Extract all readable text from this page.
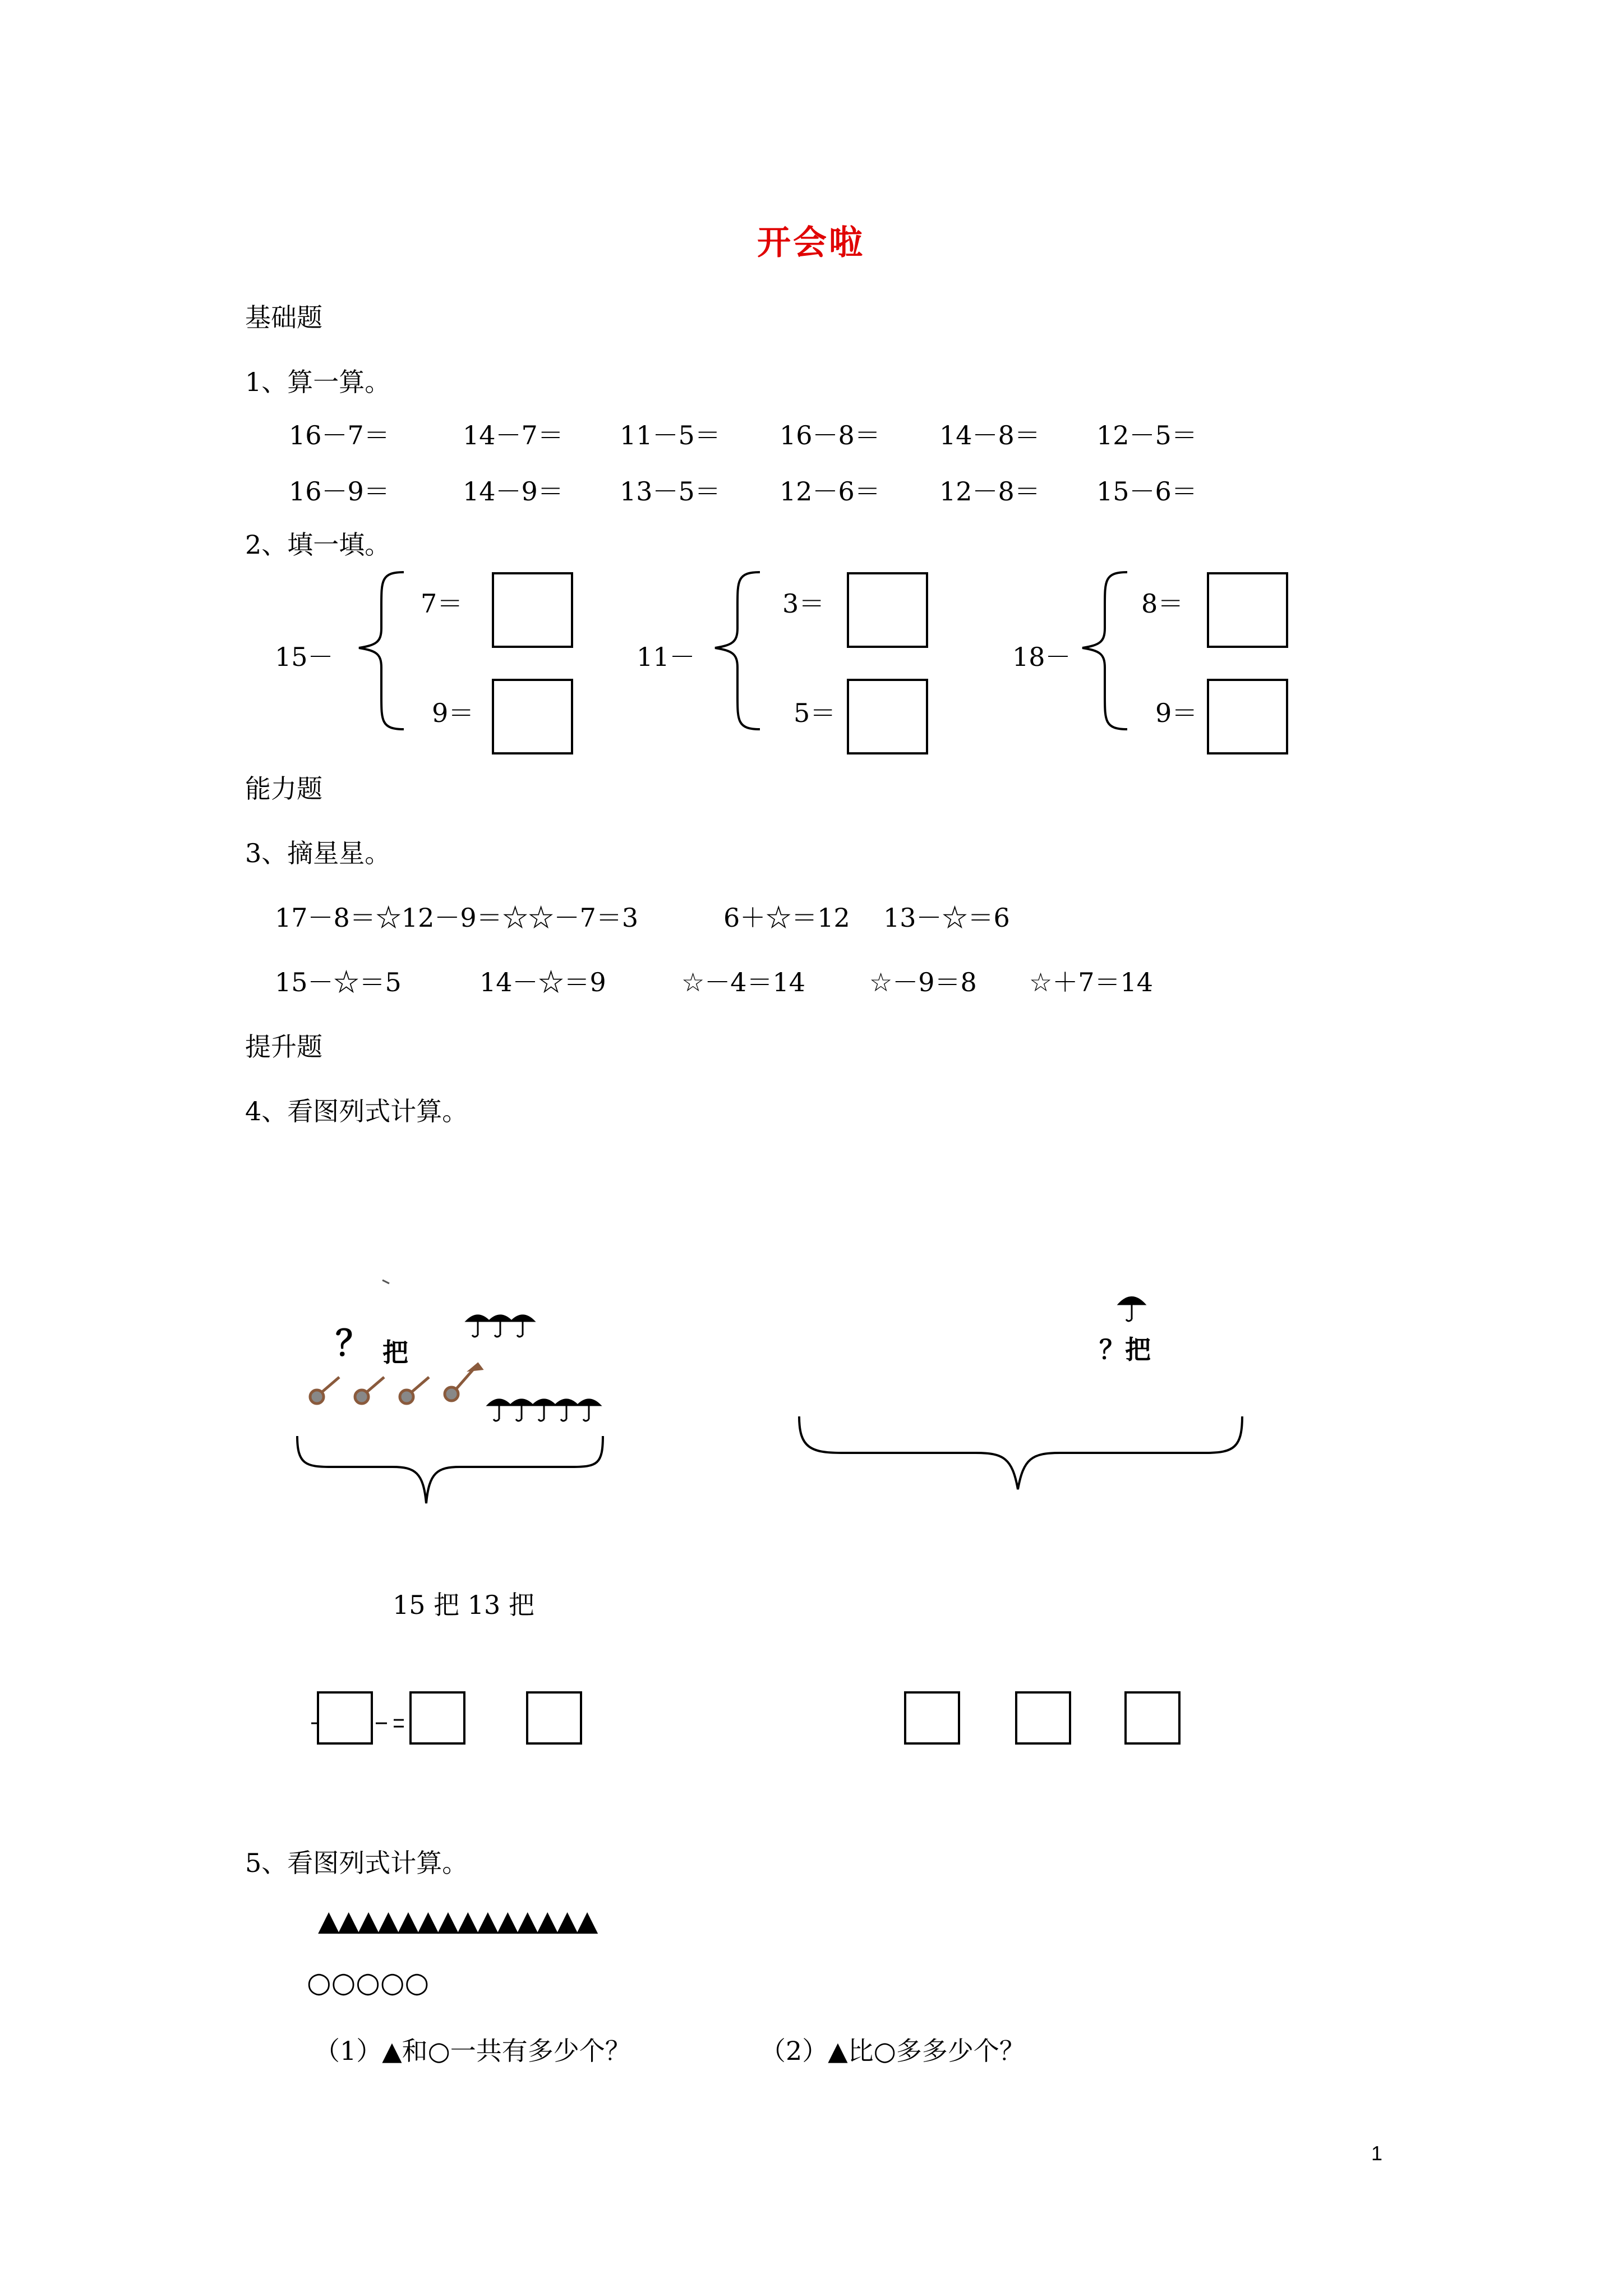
开会啦
基础题
1、算一算。
16－7＝	14－7＝ 11－5＝ 16－8＝ 14－8＝ 12－5＝
16－9＝	14－9＝ 13－5＝ 12－6＝ 12－8＝ 15－6＝
2、填一填。
15－
7＝
9＝
11－
3＝
5＝
18－
8＝
9＝
能力题
3、摘星星。
17－8＝☆12－9＝☆☆－7＝3	6＋☆＝12 13－☆＝6
15－☆＝5	14－☆＝9	☆－4＝14 ☆－9＝8 ☆＋7＝14
提升题
4、看图列式计算。
？ 把	？把
15 把 13 把
5、看图列式计算。
▲▲▲▲▲▲▲▲▲▲▲▲▲▲
○○○○○
（1）▲和○一共有多少个？	（2）▲比○多多少个？
1
